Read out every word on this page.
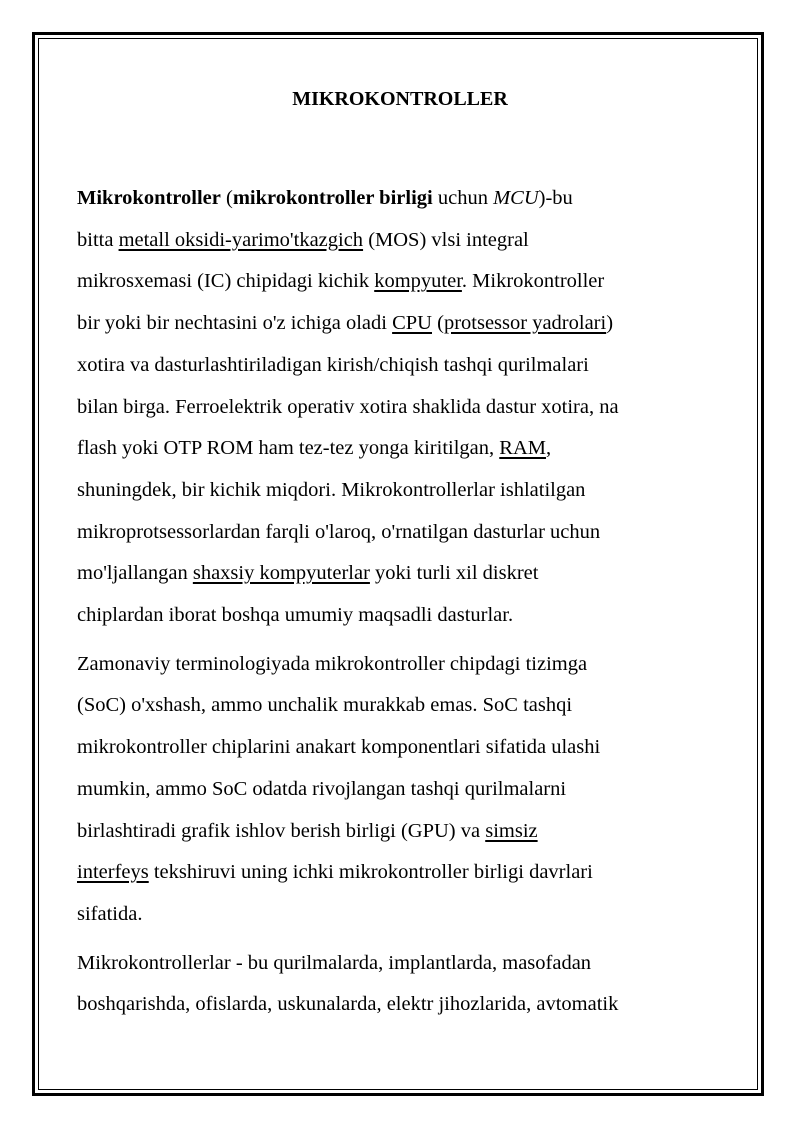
MIKROKONTROLLER

Mikrokontroller (mikrokontroller birligi uchun MCU)-bu
bitta metall oksidi-yarimo'tkazgich (MOS) vlsi integral
mikrosxemasi (IC) chipidagi kichik kompyuter. Mikrokontroller
bir yoki bir nechtasini o'z ichiga oladi CPU (protsessor yadrolari)
xotira va dasturlashtiriladigan kirish/chiqish tashqi qurilmalari
bilan birga. Ferroelektrik operativ xotira shaklida dastur xotira, na
flash yoki OTP ROM ham tez-tez yonga kiritilgan, RAM,
shuningdek, bir kichik miqdori. Mikrokontrollerlar ishlatilgan
mikroprotsessorlardan farqli o'laroq, o'rnatilgan dasturlar uchun
mo'ljallangan shaxsiy kompyuterlar yoki turli xil diskret
chiplardan iborat boshqa umumiy maqsadli dasturlar.

Zamonaviy terminologiyada mikrokontroller chipdagi tizimga
(SoC) o'xshash, ammo unchalik murakkab emas. SoC tashqi
mikrokontroller chiplarini anakart komponentlari sifatida ulashi
mumkin, ammo SoC odatda rivojlangan tashqi qurilmalarni
birlashtiradi grafik ishlov berish birligi (GPU) va simsiz
interfeys tekshiruvi uning ichki mikrokontroller birligi davrlari
sifatida.

Mikrokontrollerlar - bu qurilmalarda, implantlarda, masofadan
boshqarishda, ofislarda, uskunalarda, elektr jihozlarida, avtomatik
